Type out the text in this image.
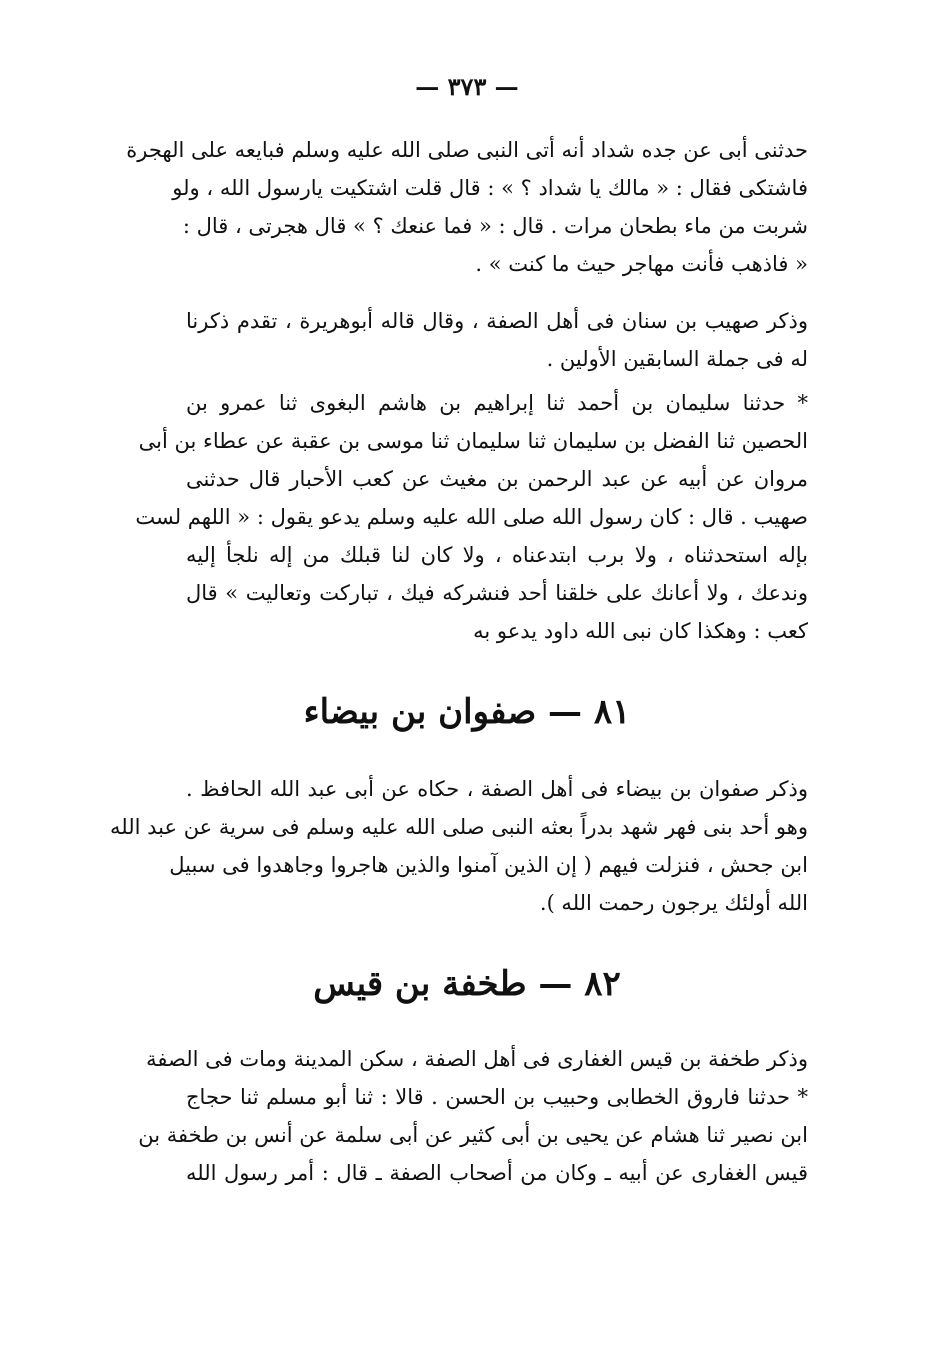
— ٣٧٣ —
حدثنى أبى عن جده شداد أنه أتى النبى صلى الله عليه وسلم فبايعه على الهجرة
فاشتكى فقال : « مالك يا شداد ؟ » : قال قلت اشتكيت يارسول الله ، ولو
شربت من ماء بطحان مرات . قال : « فما عنعك ؟ » قال هجرتى ، قال :
« فاذهب فأنت مهاجر حيث ما كنت » .
وذكر صهيب بن سنان فى أهل الصفة ، وقال قاله أبوهريرة ، تقدم ذكرنا
له فى جملة السابقين الأولين .
* حدثنا سليمان بن أحمد ثنا إبراهيم بن هاشم البغوى ثنا عمرو بن
الحصين ثنا الفضل بن سليمان ثنا سليمان ثنا موسى بن عقبة عن عطاء بن أبى
مروان عن أبيه عن عبد الرحمن بن مغيث عن كعب الأحبار قال حدثنى
صهيب . قال : كان رسول الله صلى الله عليه وسلم يدعو يقول : « اللهم لست
بإله استحدثناه ، ولا برب ابتدعناه ، ولا كان لنا قبلك من إله نلجأ إليه
وندعك ، ولا أعانك على خلقنا أحد فنشركه فيك ، تباركت وتعاليت » قال
كعب : وهكذا كان نبى الله داود يدعو به
٨١ — صفوان بن بيضاء
وذكر صفوان بن بيضاء فى أهل الصفة ، حكاه عن أبى عبد الله الحافظ .
وهو أحد بنى فهر شهد بدراً بعثه النبى صلى الله عليه وسلم فى سرية عن عبد الله
ابن جحش ، فنزلت فيهم ( إن الذين آمنوا والذين هاجروا وجاهدوا فى سبيل
الله أولئك يرجون رحمت الله ).
٨٢ — طخفة بن قيس
وذكر طخفة بن قيس الغفارى فى أهل الصفة ، سكن المدينة ومات فى الصفة
* حدثنا فاروق الخطابى وحبيب بن الحسن . قالا : ثنا أبو مسلم ثنا حجاج
ابن نصير ثنا هشام عن يحيى بن أبى كثير عن أبى سلمة عن أنس بن طخفة بن
قيس الغفارى عن أبيه ـ وكان من أصحاب الصفة ـ قال : أمر رسول الله
